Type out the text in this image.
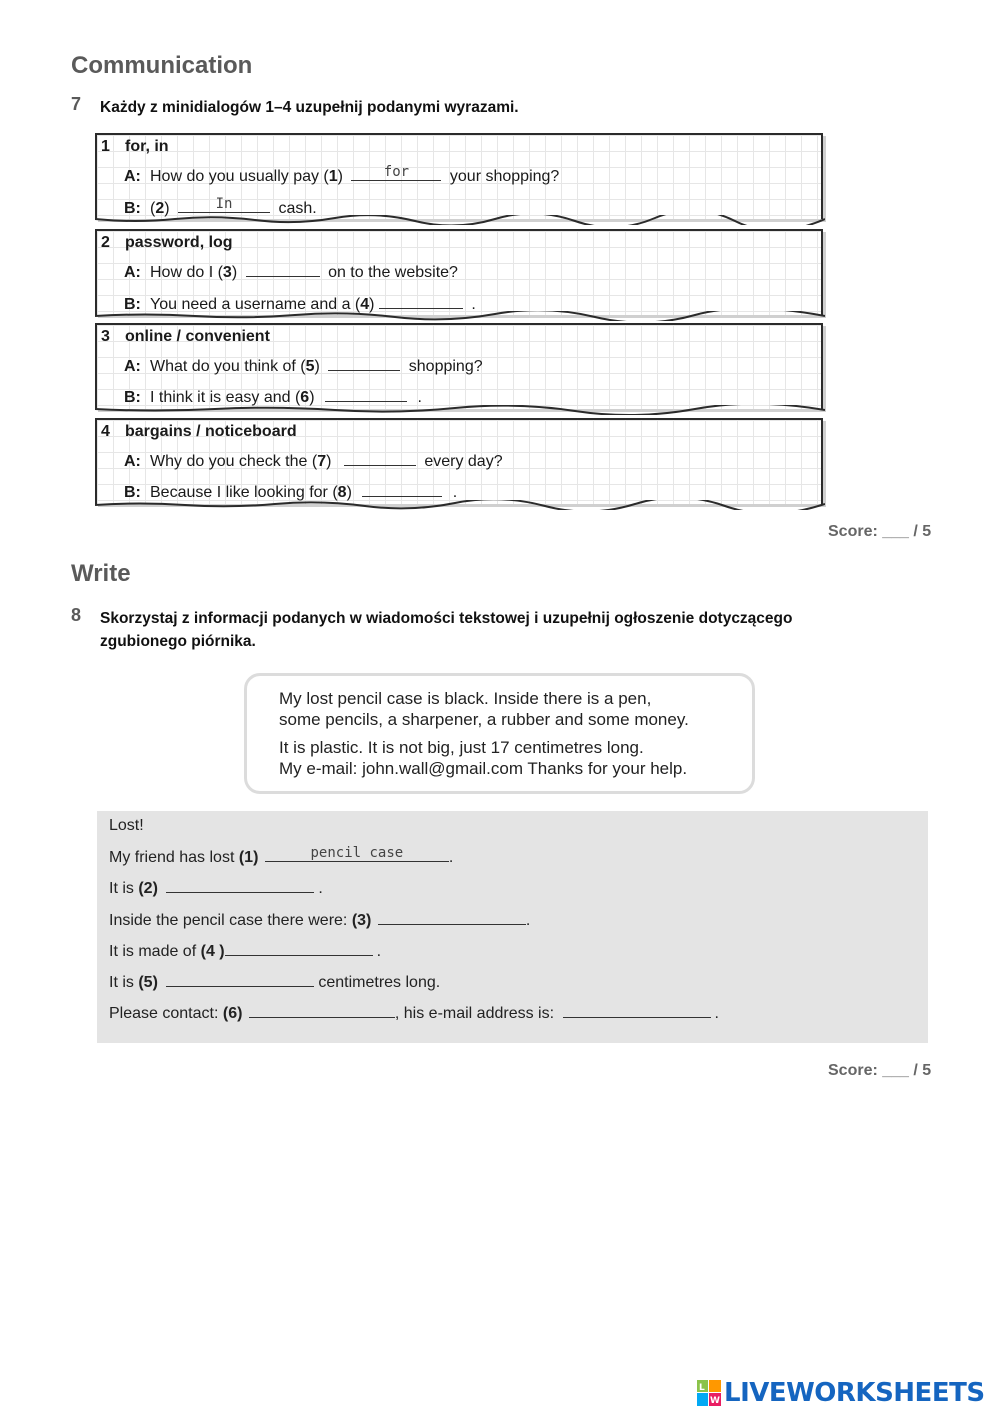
Communication
7 Każdy z minidialogów 1–4 uzupełnij podanymi wyrazami.
1 for, in
A: How do you usually pay (1)	for	your shopping?
B: (2)	In	cash.
2 password, log
A: How do I (3)	on to the website?
B: You need a username and a (4)	.
3 online / convenient
A: What do you think of (5)	shopping?
B: I think it is easy and (6)	.
4 bargains / noticeboard
A: Why do you check the (7)	every day?
B: Because I like looking for (8)	.
Score: ___ / 5
Write
8 Skorzystaj z informacji podanych w wiadomości tekstowej i uzupełnij ogłoszenie dotyczącego
zgubionego piórnika.

My lost pencil case is black. Inside there is a pen,

some pencils, a sharpener, a rubber and some money.

It is plastic. It is not big, just 17 centimetres long.

My e-mail: john.wall@gmail.com Thanks for your help.

Lost!
My friend has lost (1)	pencil case	.
It is (2)	.
Inside the pencil case there were: (3)	.
It is made of (4 )	.
It is (5)	centimetres long.
Please contact: (6)	, his e-mail address is:	.
Score: ___ / 5
L
W LIVEWORKSHEETS
